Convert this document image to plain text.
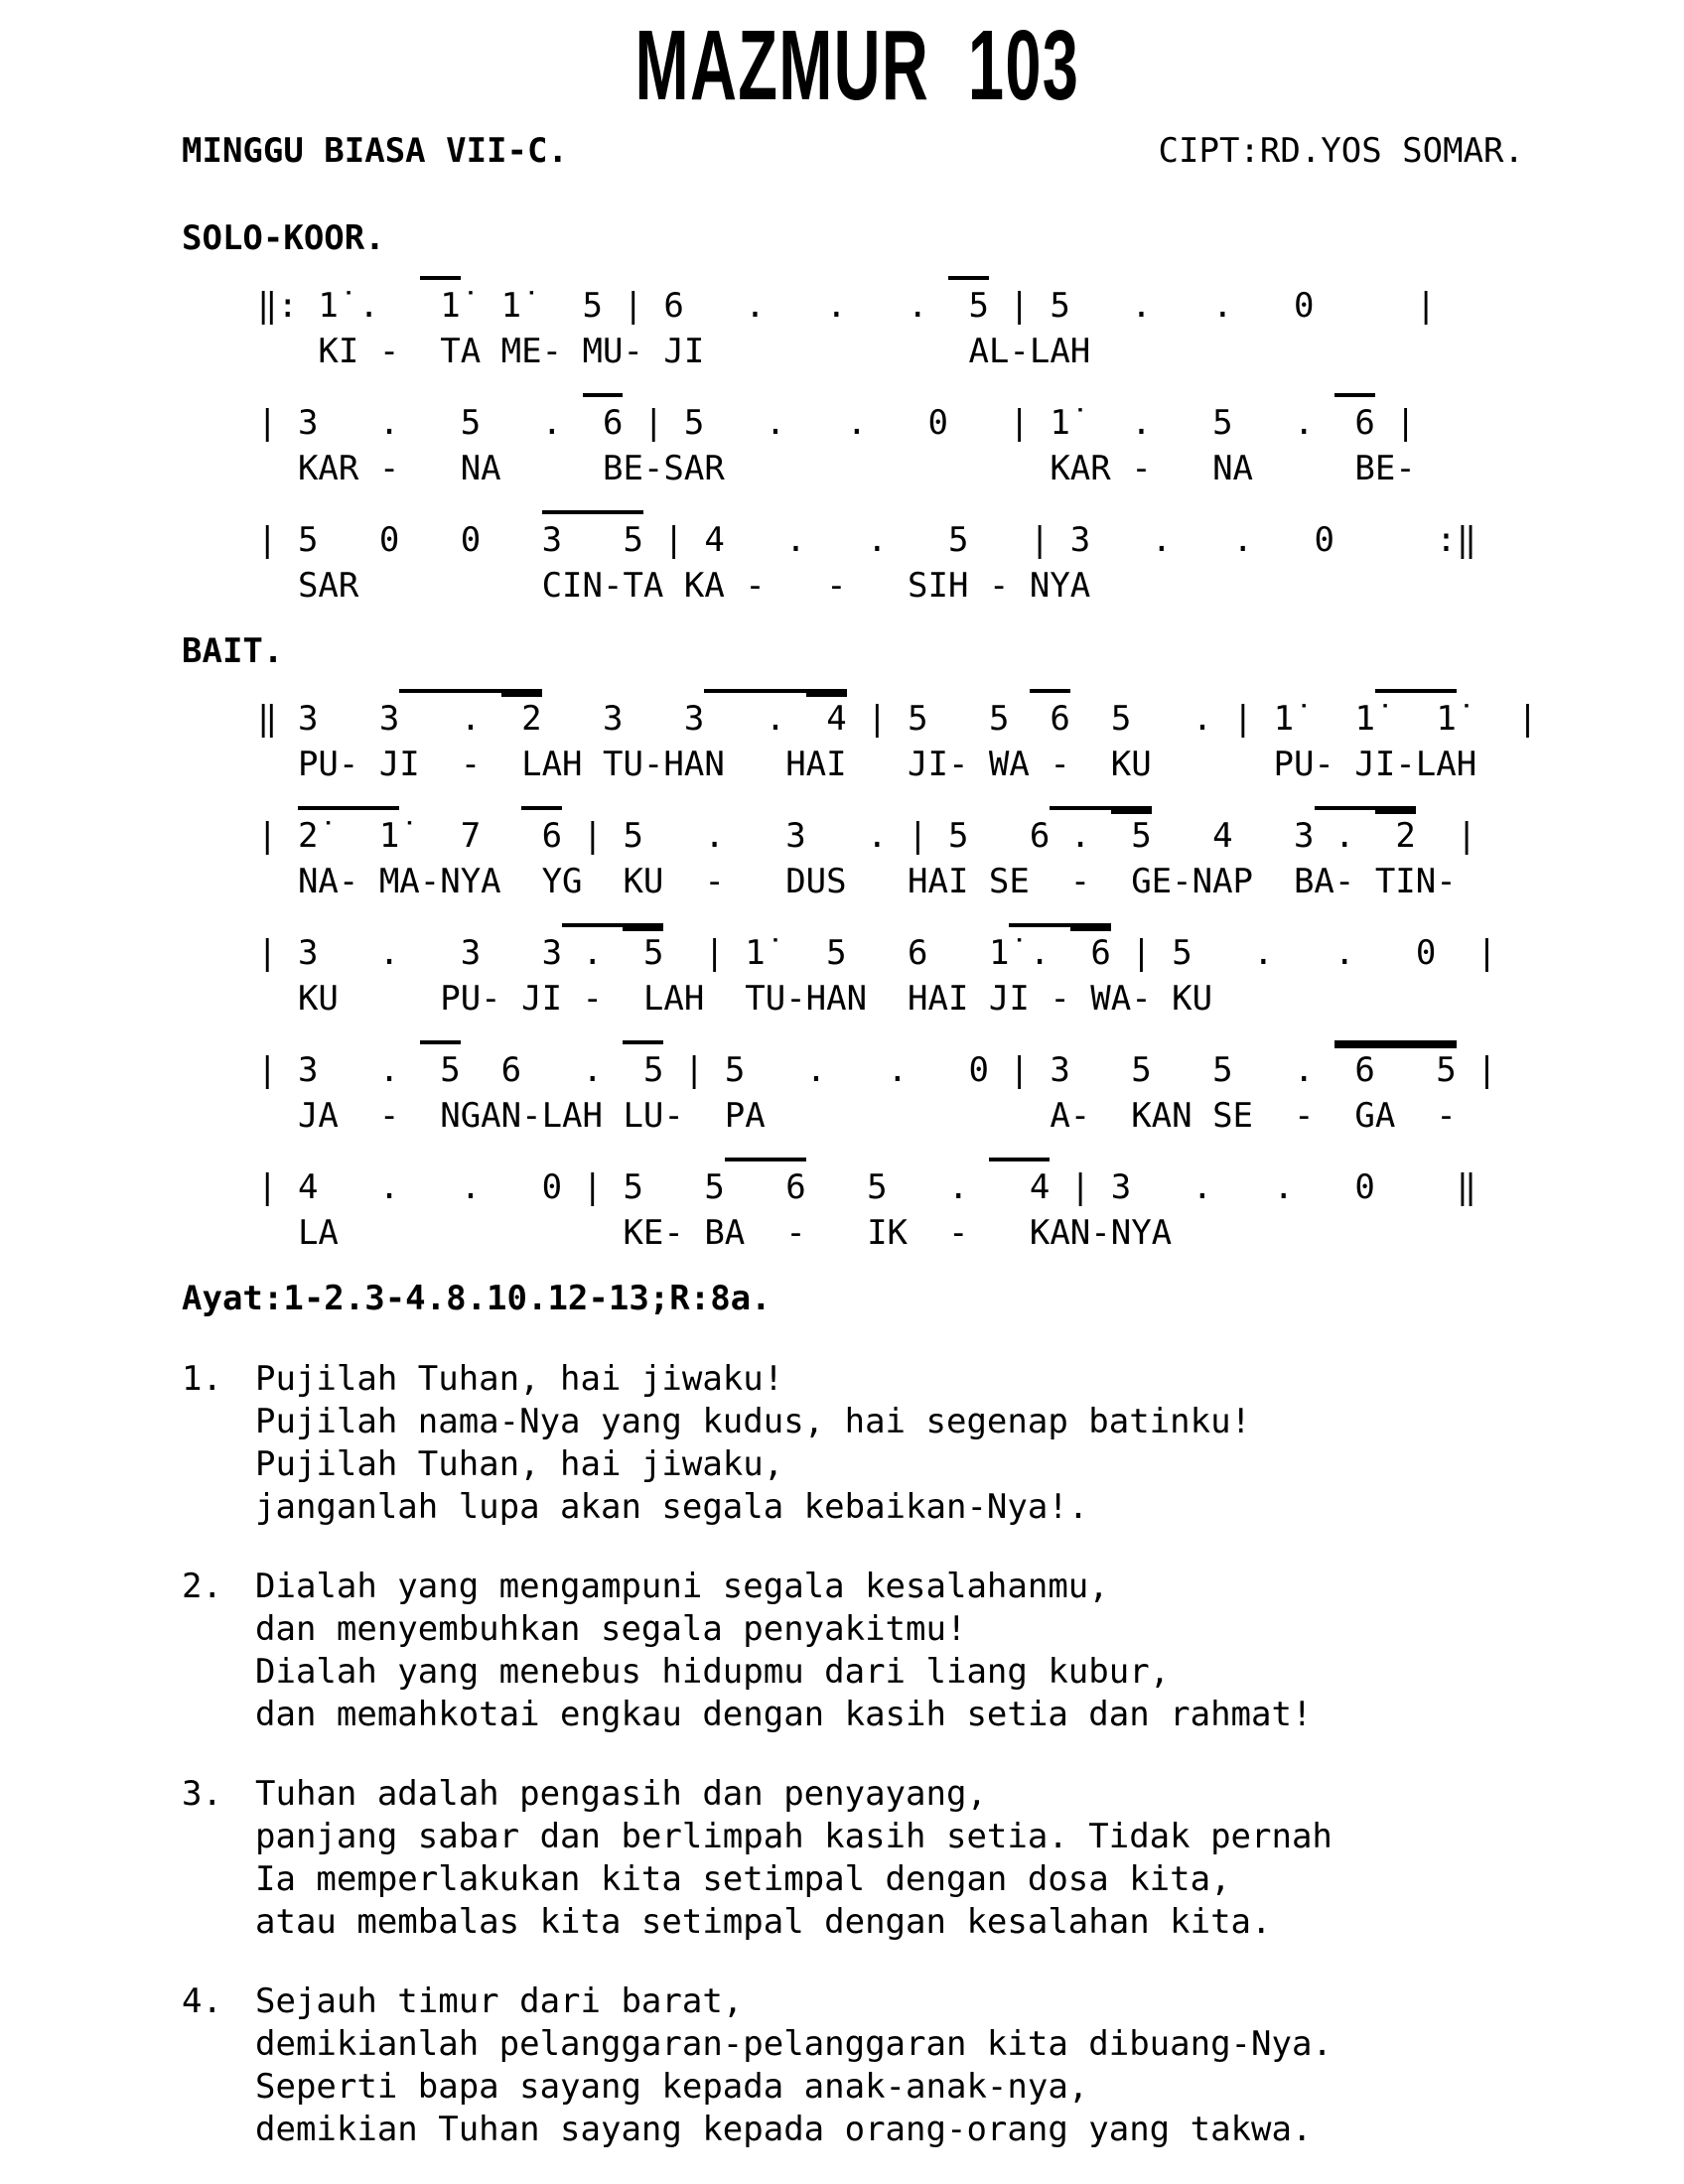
MAZMUR  103
MINGGU BIASA VII-C.	CIPT:RD.YOS SOMAR.
SOLO-KOOR.
‖: 1̇ .   1̇  1̇   5 | 6   .   .   .  5 | 5   .   .   0     |
KI -  TA ME- MU- JI             AL-LAH
| 3   .   5   .  6 | 5   .   .   0   | 1̇   .   5   .  6 |
KAR -   NA     BE-SAR                KAR -   NA     BE-
| 5   0   0   3   5 | 4   .   .   5   | 3   .   .   0     :‖
SAR         CIN-TA KA -   -   SIH - NYA
BAIT.
‖ 3   3   .  2   3   3   .  4 | 5   5  6  5   . | 1̇   1̇   1̇   |
PU- JI  -  LAH TU-HAN   HAI   JI- WA -  KU      PU- JI-LAH
| 2̇   1̇   7   6 | 5   .   3   . | 5   6 .  5   4   3 .  2  |
NA- MA-NYA  YG  KU  -   DUS   HAI SE  -  GE-NAP  BA- TIN-
| 3   .   3   3 .  5  | 1̇   5   6   1̇ .  6 | 5   .   .   0  |
KU     PU- JI -  LAH  TU-HAN  HAI JI - WA- KU
| 3   .  5  6   .  5 | 5   .   .   0 | 3   5   5   .  6   5 |
JA  -  NGAN-LAH LU-  PA              A-  KAN SE  -  GA  -
| 4   .   .   0 | 5   5   6   5   .   4 | 3   .   .   0    ‖
LA              KE- BA  -   IK  -   KAN-NYA
Ayat:1-2.3-4.8.10.12-13;R:8a.
1. Pujilah Tuhan, hai jiwaku!
Pujilah nama-Nya yang kudus, hai segenap batinku!
Pujilah Tuhan, hai jiwaku,
janganlah lupa akan segala kebaikan-Nya!.
2. Dialah yang mengampuni segala kesalahanmu,
dan menyembuhkan segala penyakitmu!
Dialah yang menebus hidupmu dari liang kubur,
dan memahkotai engkau dengan kasih setia dan rahmat!
3. Tuhan adalah pengasih dan penyayang,
panjang sabar dan berlimpah kasih setia. Tidak pernah
Ia memperlakukan kita setimpal dengan dosa kita,
atau membalas kita setimpal dengan kesalahan kita.
4. Sejauh timur dari barat,
demikianlah pelanggaran-pelanggaran kita dibuang-Nya.
Seperti bapa sayang kepada anak-anak-nya,
demikian Tuhan sayang kepada orang-orang yang takwa.
